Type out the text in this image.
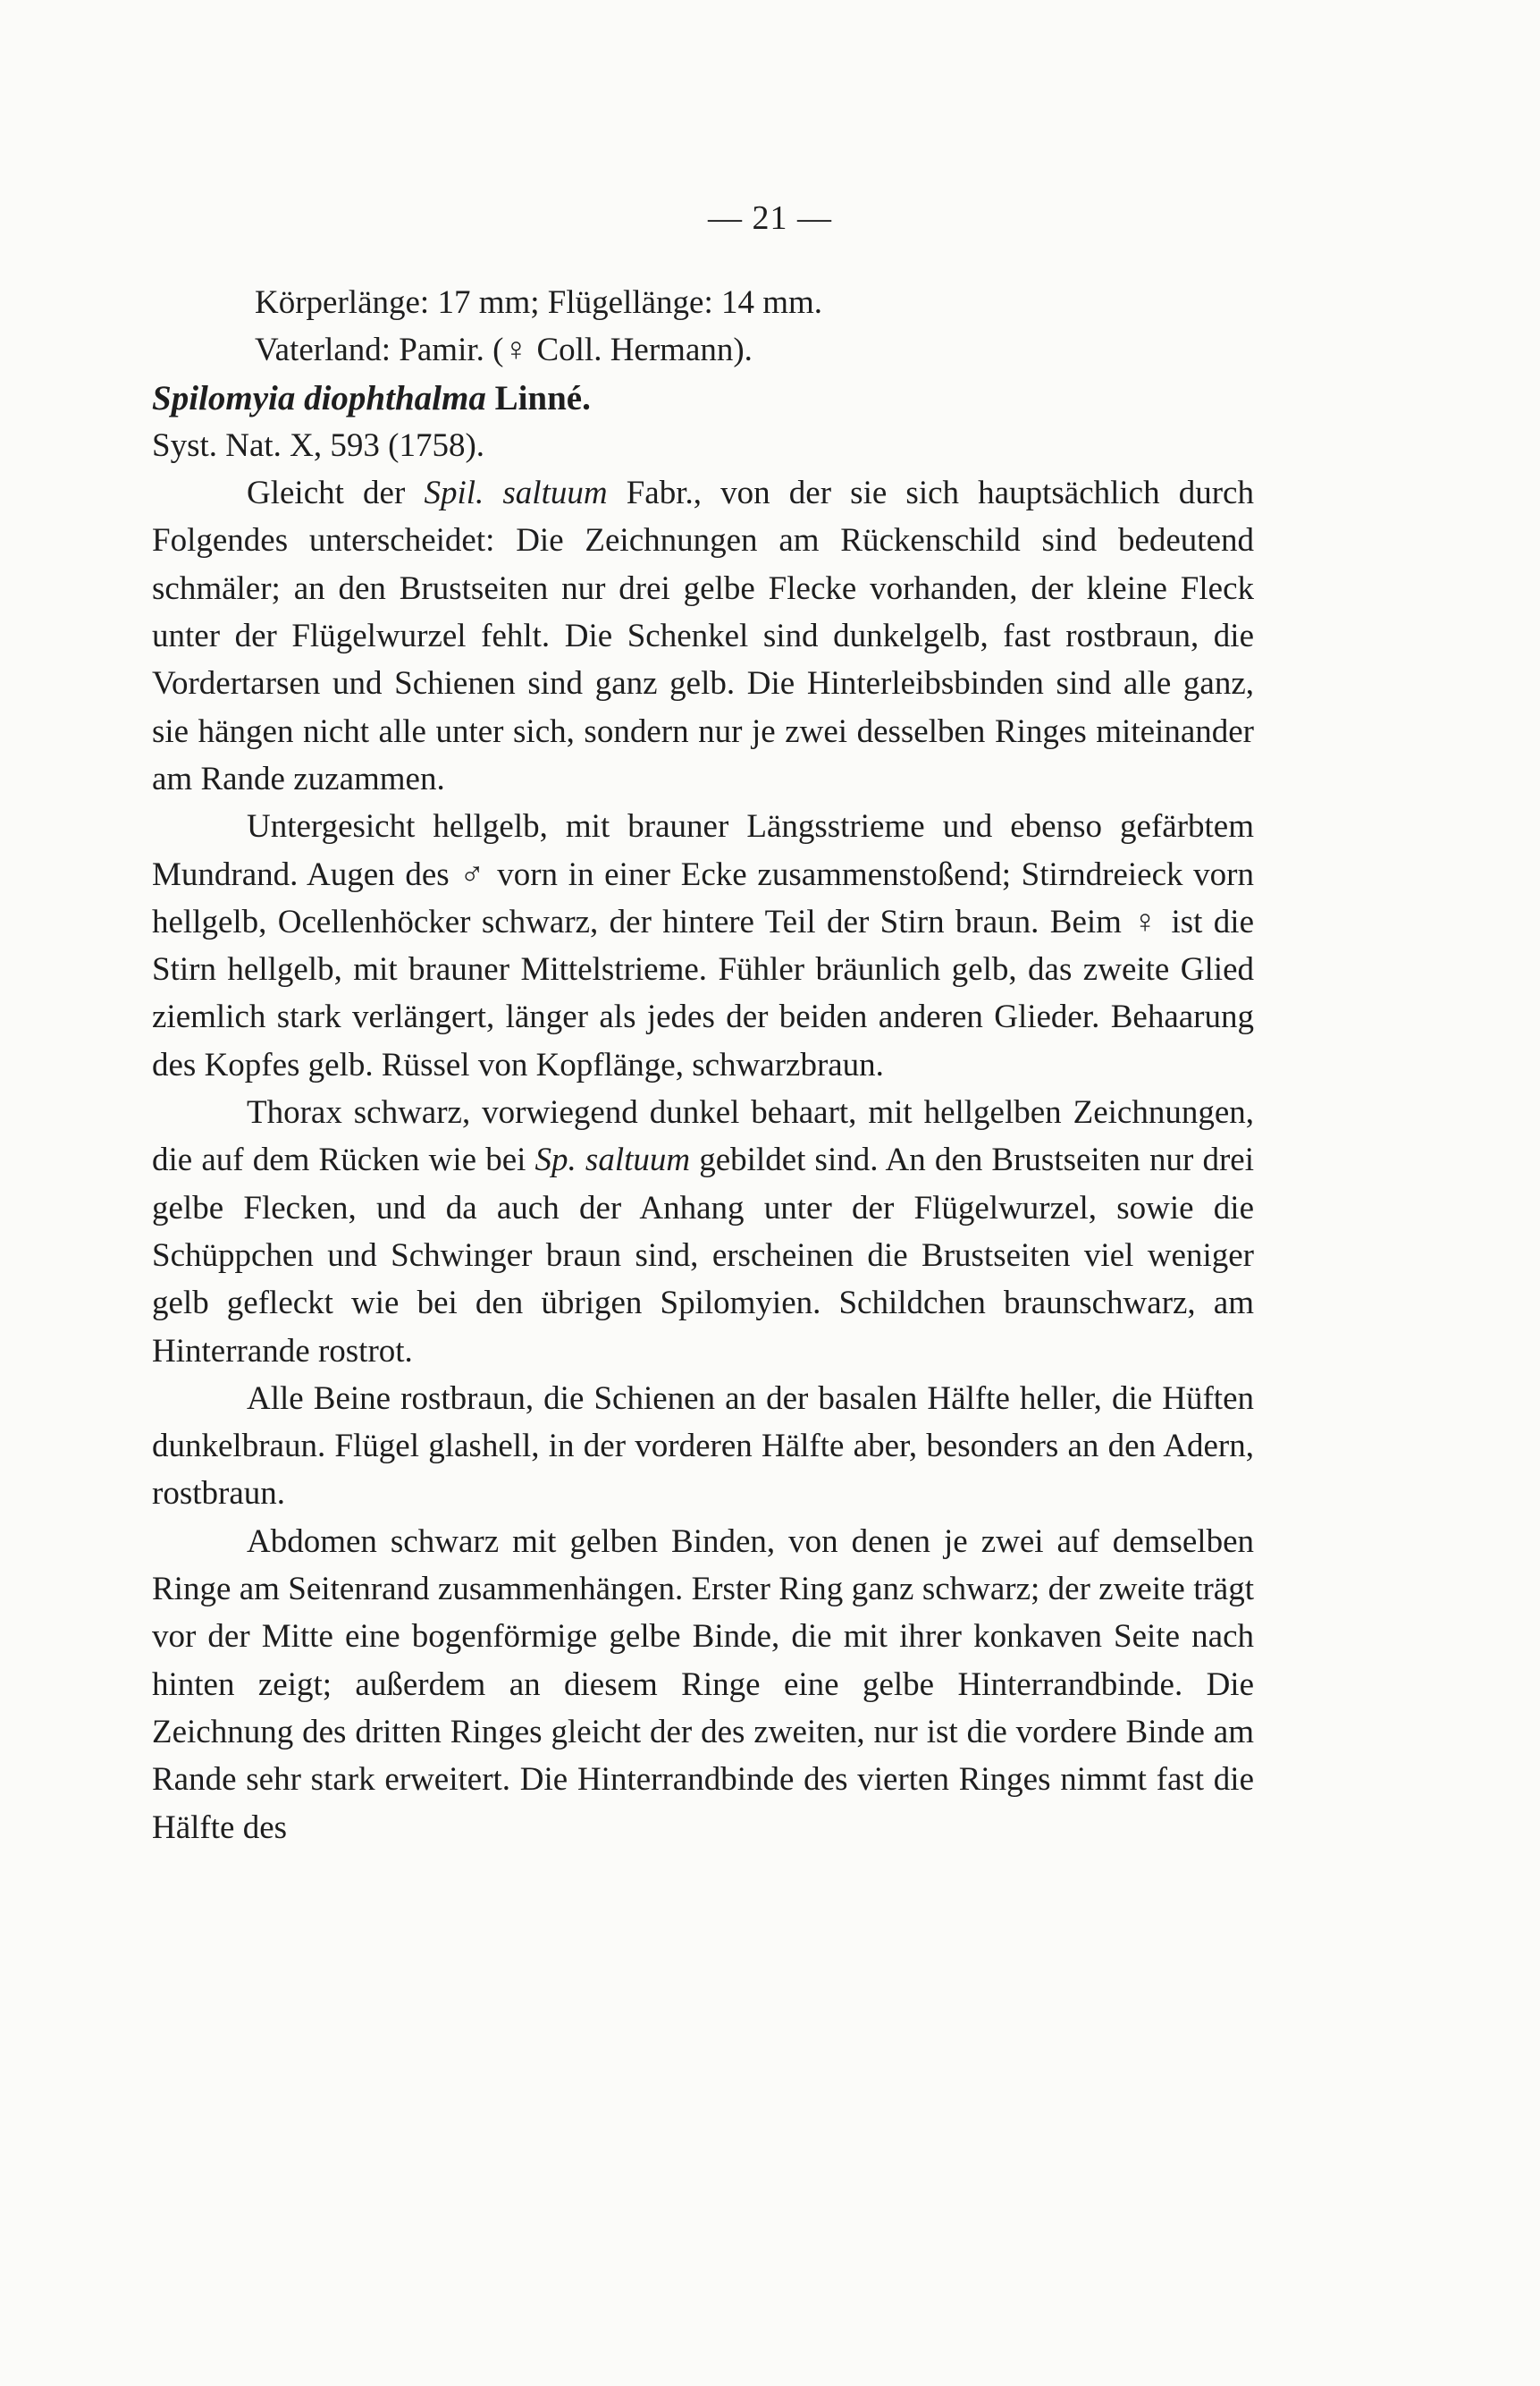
— 21 —

Körperlänge: 17 mm; Flügellänge: 14 mm.

Vaterland: Pamir. (♀ Coll. Hermann).

Spilomyia diophthalma Linné.

Syst. Nat. X, 593 (1758).

Gleicht der Spil. saltuum Fabr., von der sie sich hauptsächlich durch Folgendes unterscheidet: Die Zeichnungen am Rückenschild sind bedeutend schmäler; an den Brustseiten nur drei gelbe Flecke vorhanden, der kleine Fleck unter der Flügelwurzel fehlt. Die Schenkel sind dunkelgelb, fast rostbraun, die Vordertarsen und Schienen sind ganz gelb. Die Hinterleibsbinden sind alle ganz, sie hängen nicht alle unter sich, sondern nur je zwei desselben Ringes miteinander am Rande zuzammen.

Untergesicht hellgelb, mit brauner Längsstrieme und ebenso gefärbtem Mundrand. Augen des ♂ vorn in einer Ecke zusammenstoßend; Stirndreieck vorn hellgelb, Ocellenhöcker schwarz, der hintere Teil der Stirn braun. Beim ♀ ist die Stirn hellgelb, mit brauner Mittelstrieme. Fühler bräunlich gelb, das zweite Glied ziemlich stark verlängert, länger als jedes der beiden anderen Glieder. Behaarung des Kopfes gelb. Rüssel von Kopflänge, schwarzbraun.

Thorax schwarz, vorwiegend dunkel behaart, mit hellgelben Zeichnungen, die auf dem Rücken wie bei Sp. saltuum gebildet sind. An den Brustseiten nur drei gelbe Flecken, und da auch der Anhang unter der Flügelwurzel, sowie die Schüppchen und Schwinger braun sind, erscheinen die Brustseiten viel weniger gelb gefleckt wie bei den übrigen Spilomyien. Schildchen braunschwarz, am Hinterrande rostrot.

Alle Beine rostbraun, die Schienen an der basalen Hälfte heller, die Hüften dunkelbraun. Flügel glashell, in der vorderen Hälfte aber, besonders an den Adern, rostbraun.

Abdomen schwarz mit gelben Binden, von denen je zwei auf demselben Ringe am Seitenrand zusammenhängen. Erster Ring ganz schwarz; der zweite trägt vor der Mitte eine bogenförmige gelbe Binde, die mit ihrer konkaven Seite nach hinten zeigt; außerdem an diesem Ringe eine gelbe Hinterrandbinde. Die Zeichnung des dritten Ringes gleicht der des zweiten, nur ist die vordere Binde am Rande sehr stark erweitert. Die Hinterrandbinde des vierten Ringes nimmt fast die Hälfte des
